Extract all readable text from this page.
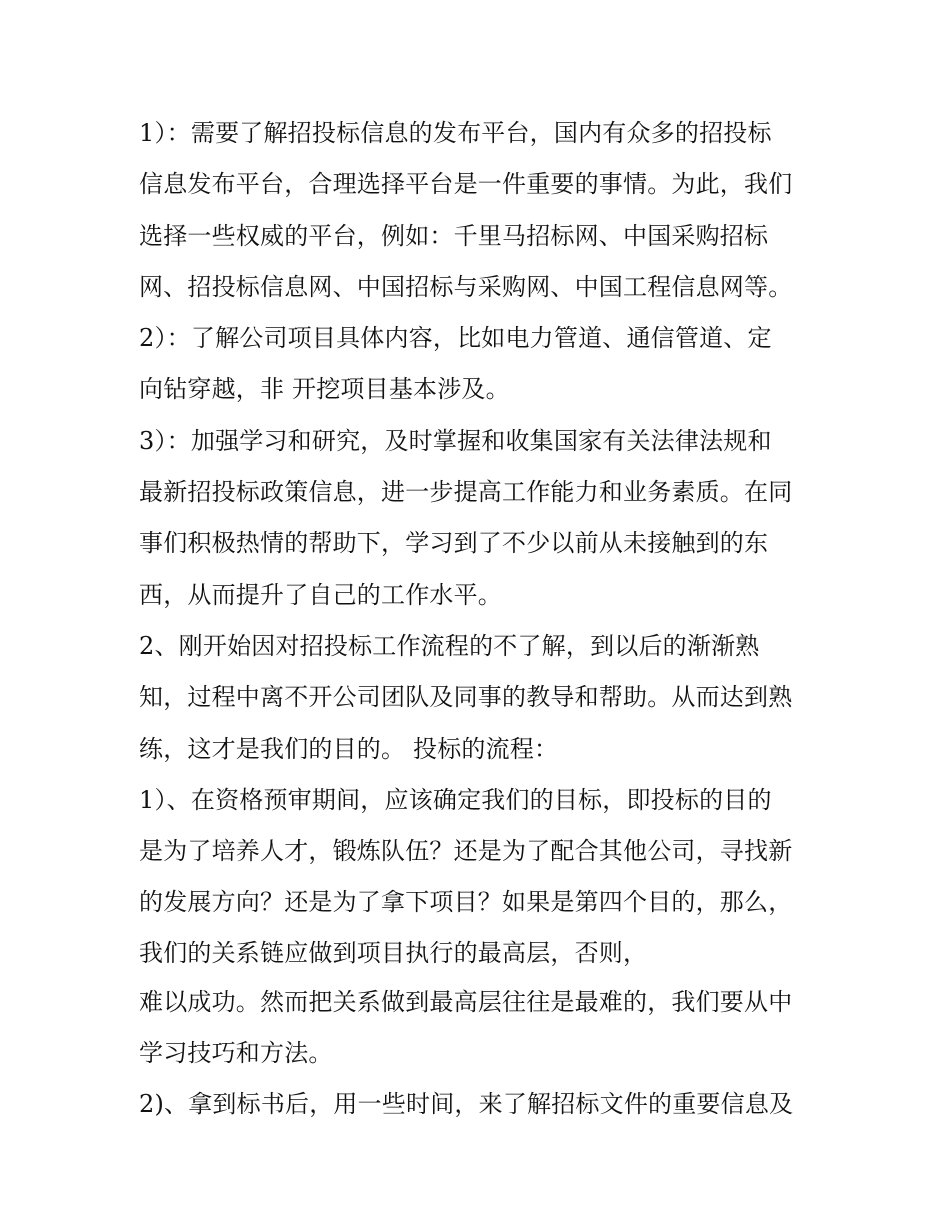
1）：需要了解招投标信息的发布平台，国内有众多的招投标
信息发布平台，合理选择平台是一件重要的事情。为此，我们
选择一些权威的平台，例如：千里马招标网、中国采购招标
网、招投标信息网、中国招标与采购网、中国工程信息网等。
2）：了解公司项目具体内容，比如电力管道、通信管道、定
向钻穿越，非 开挖项目基本涉及。
3）：加强学习和研究，及时掌握和收集国家有关法律法规和
最新招投标政策信息，进一步提高工作能力和业务素质。在同
事们积极热情的帮助下，学习到了不少以前从未接触到的东
西，从而提升了自己的工作水平。
2、刚开始因对招投标工作流程的不了解，到以后的渐渐熟
知，过程中离不开公司团队及同事的教导和帮助。从而达到熟
练，这才是我们的目的。 投标的流程：
1）、在资格预审期间，应该确定我们的目标，即投标的目的
是为了培养人才，锻炼队伍？还是为了配合其他公司，寻找新
的发展方向？还是为了拿下项目？如果是第四个目的，那么，
我们的关系链应做到项目执行的最高层，否则，
难以成功。然而把关系做到最高层往往是最难的，我们要从中
学习技巧和方法。
2)、拿到标书后，用一些时间，来了解招标文件的重要信息及
